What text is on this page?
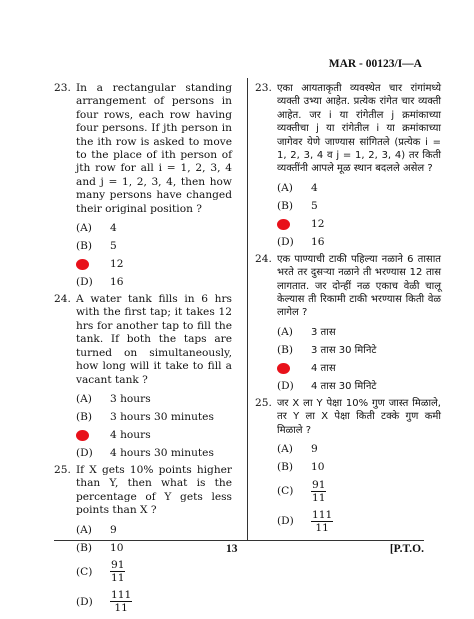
MAR - 00123/I—A
23. In a rectangular standing arrangement of persons in four rows, each row having four persons. If jth person in the ith row is asked to move to the place of ith person of jth row for all i = 1, 2, 3, 4 and j = 1, 2, 3, 4, then how many persons have changed their original position ?
(A)	4
(B)	5
12
(D)	16
24. A water tank fills in 6 hrs with the first tap; it takes 12 hrs for another tap to fill the tank. If both the taps are turned on simultaneously, how long will it take to fill a vacant tank ?
(A)	3 hours
(B)	3 hours 30 minutes
4 hours
(D)	4 hours 30 minutes
25. If X gets 10% points higher than Y, then what is the percentage of Y gets less points than X ?
(A)	9
(B)	10
(C)	$\frac{91}{11}$
(D)	$\frac{111}{11}$
23. एका आयताकृती व्यवस्थेत चार रांगांमध्ये व्यक्ती उभ्या आहेत. प्रत्येक रांगेत चार व्यक्ती आहेत. जर i या रांगेतील j क्रमांकाच्या व्यक्तीचा j या रांगेतील i या क्रमांकाच्या जागेवर येणे जाण्यास सांगितले (प्रत्येक i = 1, 2, 3, 4 व j = 1, 2, 3, 4) तर किती व्यक्तींनी आपले मूळ स्थान बदलले असेल ?
(A)	4
(B)	5
12
(D)	16
24. एक पाण्याची टाकी पहिल्या नळाने 6 तासात भरते तर दुसऱ्या नळाने ती भरण्यास 12 तास लागतात. जर दोन्हीं नळ एकाच वेळी चालू केल्यास ती रिकामी टाकी भरण्यास किती वेळ लागेल ?
(A)	3 तास
(B)	3 तास 30 मिनिटे
4 तास
(D)	4 तास 30 मिनिटे
25. जर X ला Y पेक्षा 10% गुण जास्त मिळाले, तर Y ला X पेक्षा किती टक्के गुण कमी मिळाले ?
(A)	9
(B)	10
(C)	$\frac{91}{11}$
(D)	$\frac{111}{11}$
13	[P.T.O.
